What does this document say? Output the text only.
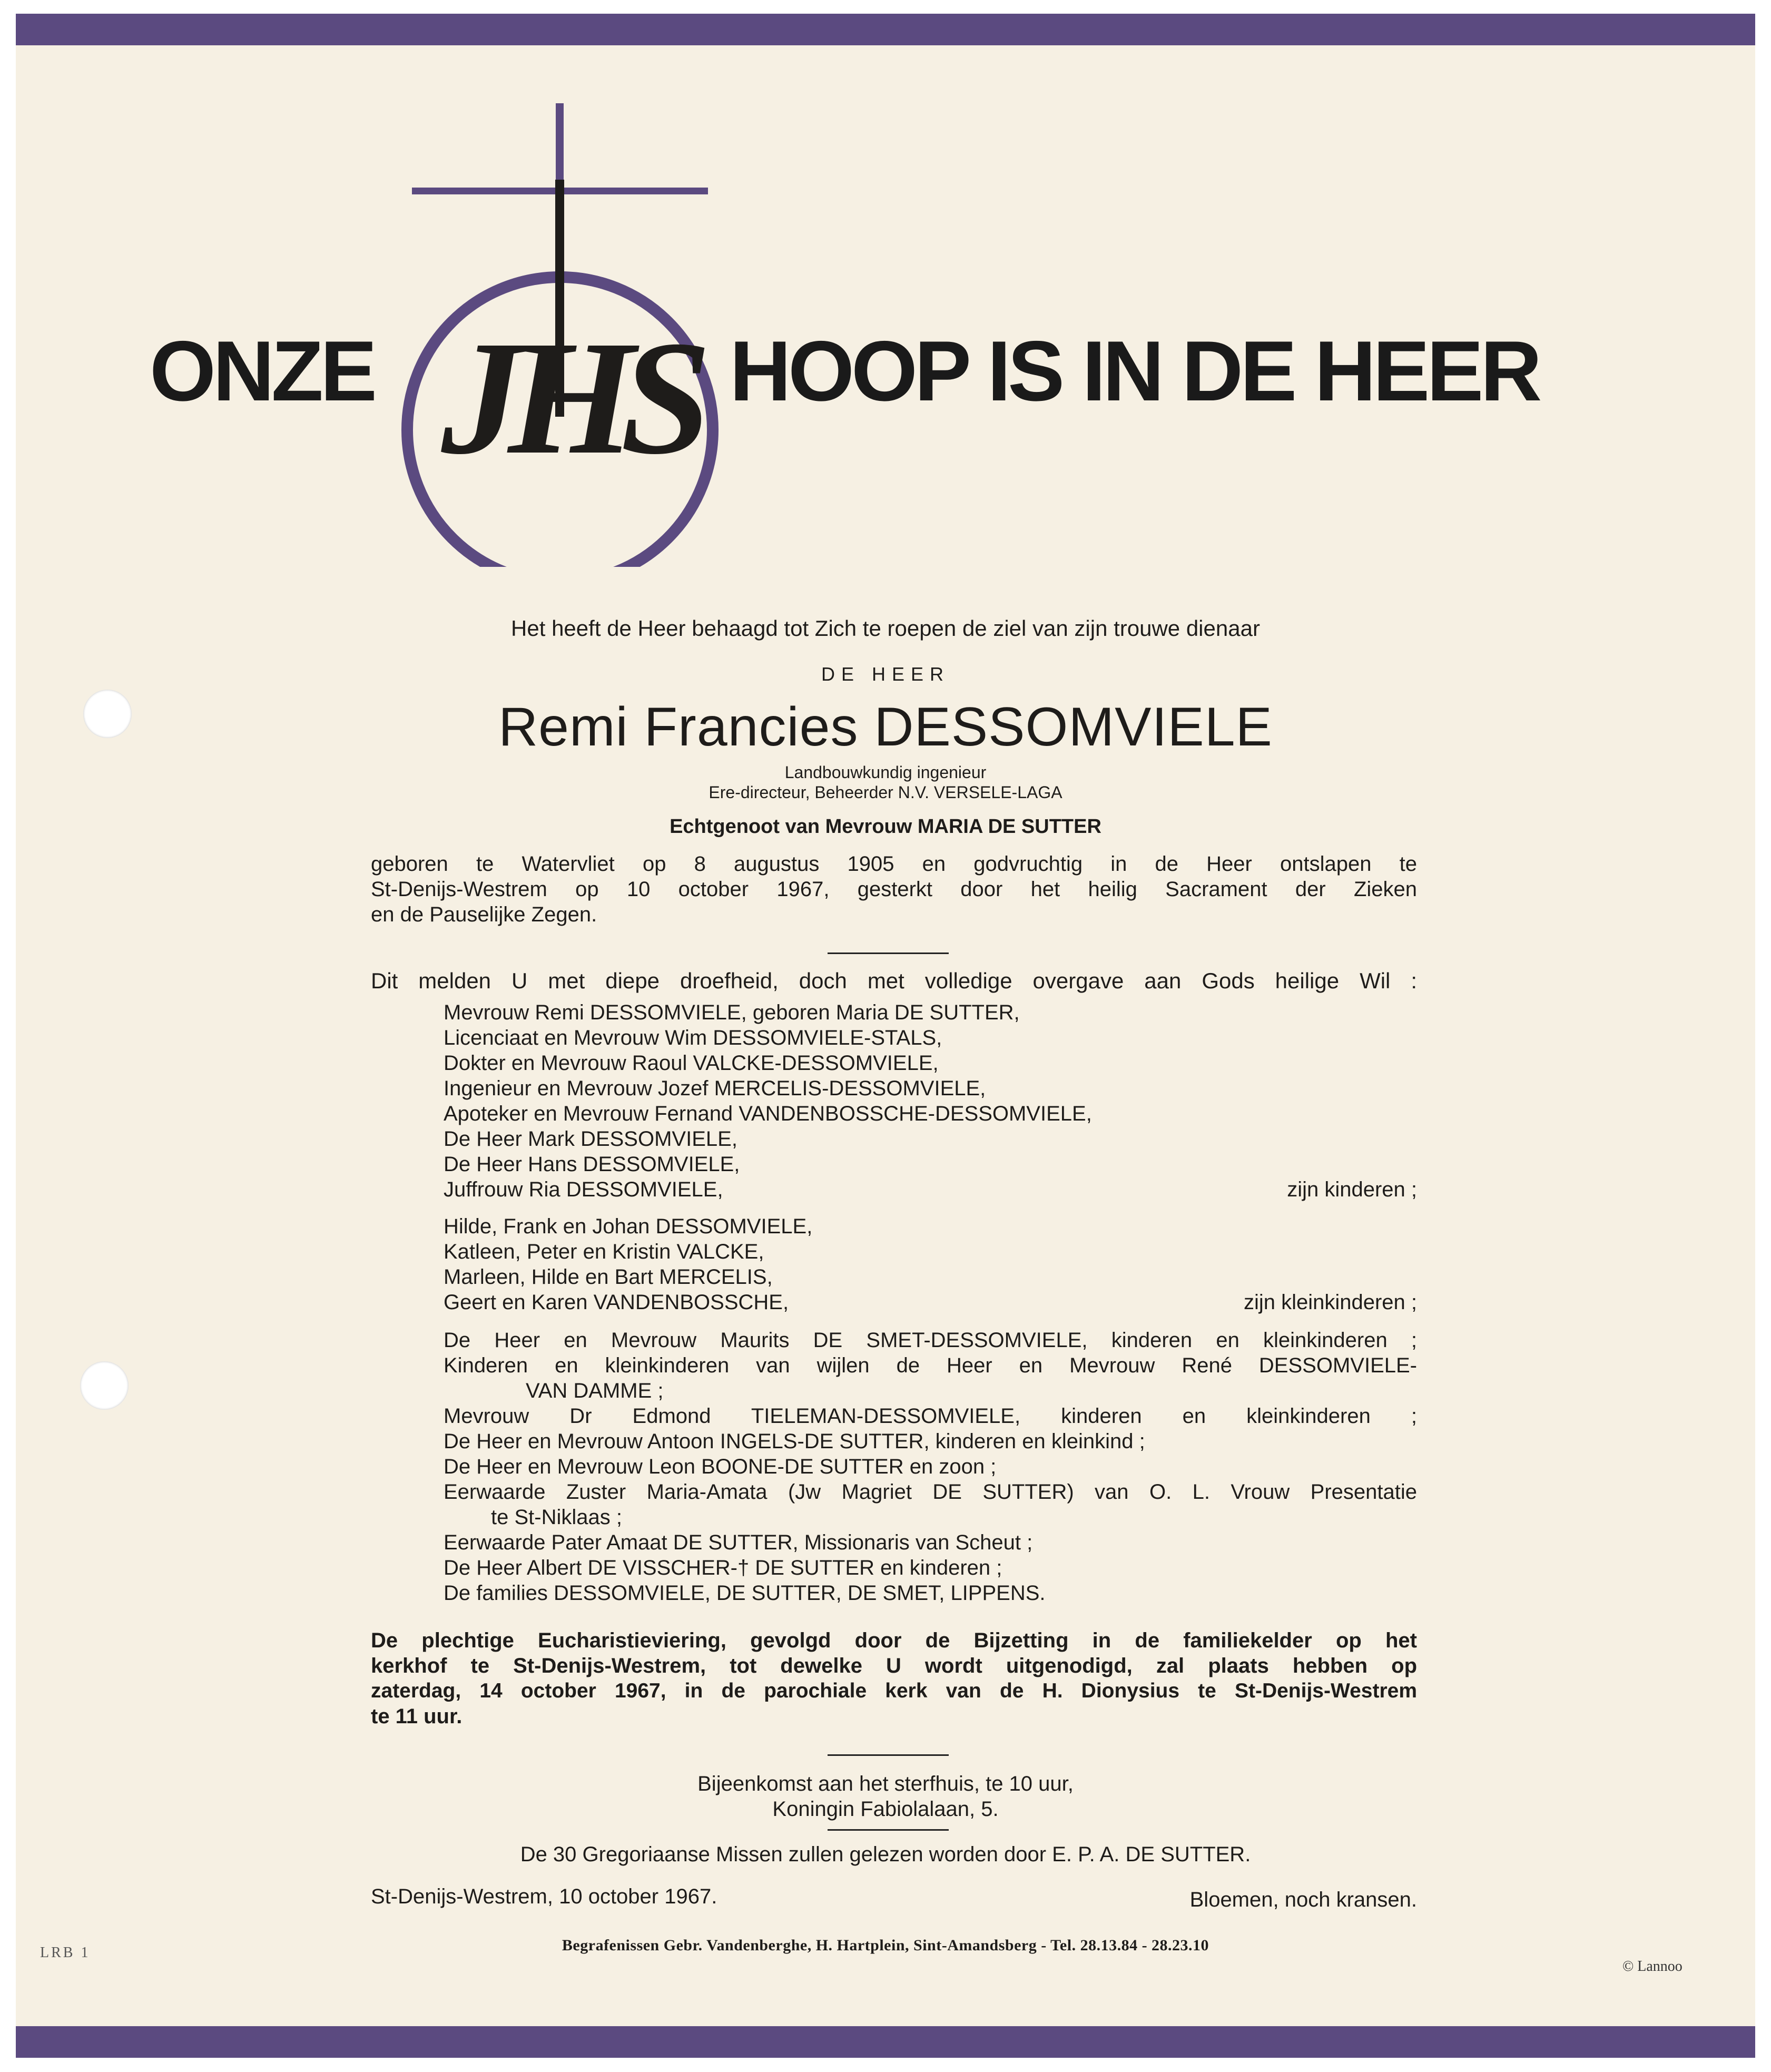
ONZE	HOOP IS IN DE HEER
JHS
Het heeft de Heer behaagd tot Zich te roepen de ziel van zijn trouwe dienaar
DE HEER
Remi Francies DESSOMVIELE
Landbouwkundig ingenieur
Ere-directeur, Beheerder N.V. VERSELE-LAGA
Echtgenoot van Mevrouw MARIA DE SUTTER
geboren te Watervliet op 8 augustus 1905 en godvruchtig in de Heer ontslapen te
St-Denijs-Westrem op 10 october 1967, gesterkt door het heilig Sacrament der Zieken
en de Pauselijke Zegen.
Dit melden U met diepe droefheid, doch met volledige overgave aan Gods heilige Wil :
Mevrouw Remi DESSOMVIELE, geboren Maria DE SUTTER,
Licenciaat en Mevrouw Wim DESSOMVIELE-STALS,
Dokter en Mevrouw Raoul VALCKE-DESSOMVIELE,
Ingenieur en Mevrouw Jozef MERCELIS-DESSOMVIELE,
Apoteker en Mevrouw Fernand VANDENBOSSCHE-DESSOMVIELE,
De Heer Mark DESSOMVIELE,
De Heer Hans DESSOMVIELE,
Juffrouw Ria DESSOMVIELE,	zijn kinderen ;
Hilde, Frank en Johan DESSOMVIELE,
Katleen, Peter en Kristin VALCKE,
Marleen, Hilde en Bart MERCELIS,
Geert en Karen VANDENBOSSCHE,	zijn kleinkinderen ;
De Heer en Mevrouw Maurits DE SMET-DESSOMVIELE, kinderen en kleinkinderen ;
Kinderen en kleinkinderen van wijlen de Heer en Mevrouw René DESSOMVIELE-
VAN DAMME ;
Mevrouw Dr Edmond TIELEMAN-DESSOMVIELE, kinderen en kleinkinderen ;
De Heer en Mevrouw Antoon INGELS-DE SUTTER, kinderen en kleinkind ;
De Heer en Mevrouw Leon BOONE-DE SUTTER en zoon ;
Eerwaarde Zuster Maria-Amata (Jw Magriet DE SUTTER) van O. L. Vrouw Presentatie
te St-Niklaas ;
Eerwaarde Pater Amaat DE SUTTER, Missionaris van Scheut ;
De Heer Albert DE VISSCHER-† DE SUTTER en kinderen ;
De families DESSOMVIELE, DE SUTTER, DE SMET, LIPPENS.
De plechtige Eucharistieviering, gevolgd door de Bijzetting in de familiekelder op het
kerkhof te St-Denijs-Westrem, tot dewelke U wordt uitgenodigd, zal plaats hebben op
zaterdag, 14 october 1967, in de parochiale kerk van de H. Dionysius te St-Denijs-Westrem
te 11 uur.
Bijeenkomst aan het sterfhuis, te 10 uur,
Koningin Fabiolalaan, 5.
De 30 Gregoriaanse Missen zullen gelezen worden door E. P. A. DE SUTTER.
St-Denijs-Westrem, 10 october 1967.	Bloemen, noch kransen.
Begrafenissen Gebr. Vandenberghe, H. Hartplein, Sint-Amandsberg - Tel. 28.13.84 - 28.23.10
LRB 1
© Lannoo
